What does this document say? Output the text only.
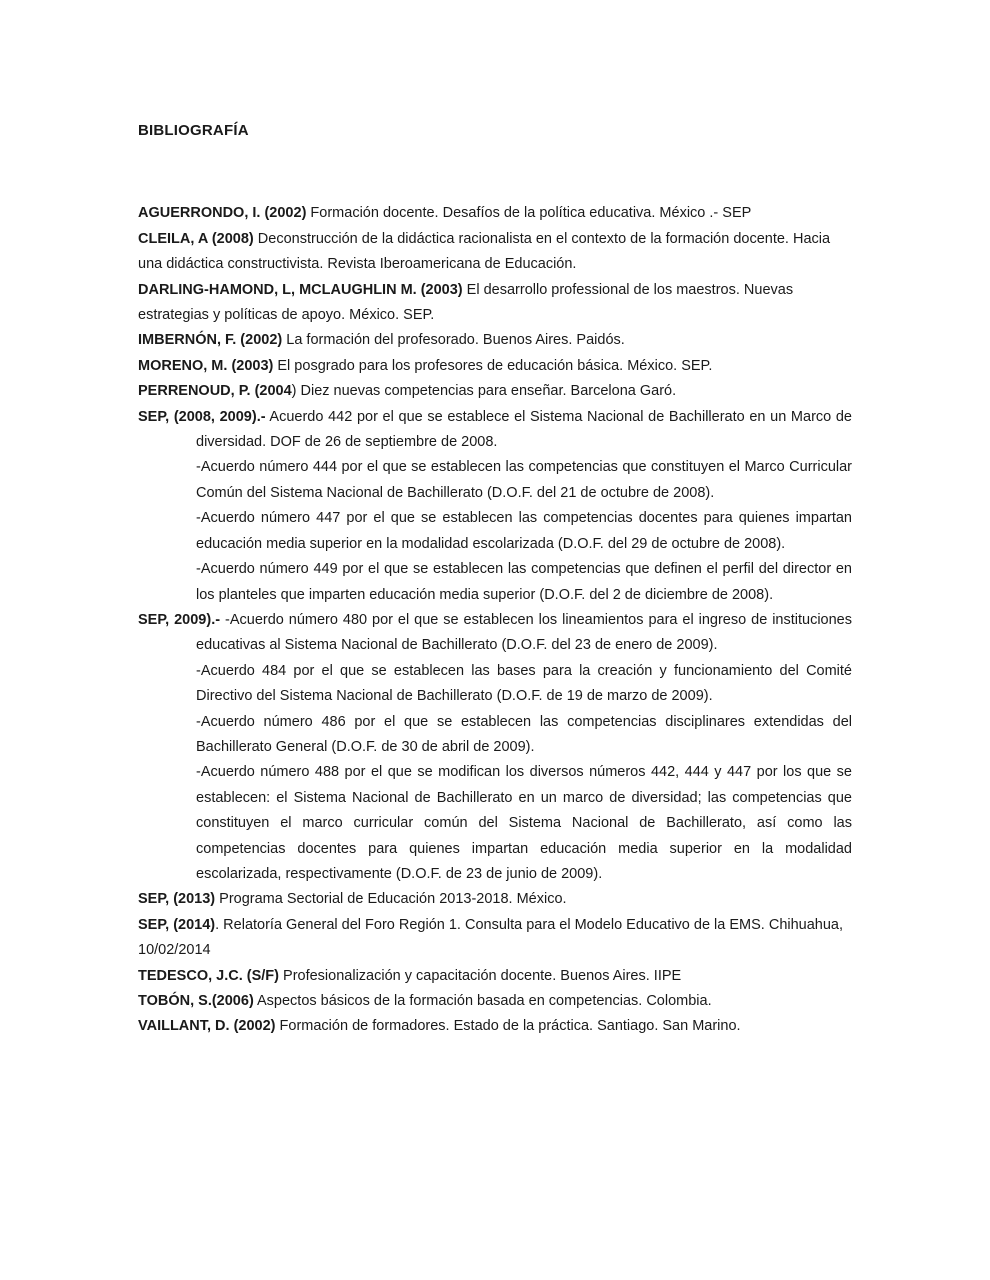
BIBLIOGRAFÍA

AGUERRONDO, I. (2002) Formación docente. Desafíos de la política educativa. México .- SEP

CLEILA, A (2008) Deconstrucción de la didáctica racionalista en el contexto de la formación docente. Hacia una didáctica constructivista. Revista Iberoamericana de Educación.

DARLING-HAMOND, L, MCLAUGHLIN M. (2003) El desarrollo professional de los maestros. Nuevas estrategias y políticas de apoyo. México. SEP.

IMBERNÓN, F. (2002) La formación del profesorado. Buenos Aires. Paidós.

MORENO, M. (2003) El posgrado para los profesores de educación básica. México. SEP.

PERRENOUD, P. (2004) Diez nuevas competencias para enseñar. Barcelona Garó.

SEP, (2008, 2009).- Acuerdo 442 por el que se establece el Sistema Nacional de Bachillerato en un Marco de diversidad. DOF de 26 de septiembre de 2008.

-Acuerdo número 444 por el que se establecen las competencias que constituyen el Marco Curricular Común del Sistema Nacional de Bachillerato (D.O.F. del 21 de octubre de 2008).

-Acuerdo número 447 por el que se establecen las competencias docentes para quienes impartan educación media superior en la modalidad escolarizada (D.O.F. del 29 de octubre de 2008).

-Acuerdo número 449 por el que se establecen las competencias que definen el perfil del director en los planteles que imparten educación media superior (D.O.F. del 2 de diciembre de 2008).

SEP, 2009).- -Acuerdo número 480 por el que se establecen los lineamientos para el ingreso de instituciones educativas al Sistema Nacional de Bachillerato (D.O.F. del 23 de enero de 2009).

-Acuerdo 484 por el que se establecen las bases para la creación y funcionamiento del Comité Directivo del Sistema Nacional de Bachillerato (D.O.F. de 19 de marzo de 2009).

-Acuerdo número 486 por el que se establecen las competencias disciplinares extendidas del Bachillerato General (D.O.F. de 30 de abril de 2009).

-Acuerdo número 488 por el que se modifican los diversos números 442, 444 y 447 por los que se establecen: el Sistema Nacional de Bachillerato en un marco de diversidad; las competencias que constituyen el marco curricular común del Sistema Nacional de Bachillerato, así como las competencias docentes para quienes impartan educación media superior en la modalidad escolarizada, respectivamente (D.O.F. de 23 de junio de 2009).

SEP, (2013) Programa Sectorial de Educación 2013-2018. México.

SEP, (2014). Relatoría General del Foro Región 1. Consulta para el Modelo Educativo de la EMS. Chihuahua, 10/02/2014

TEDESCO, J.C. (S/F) Profesionalización y capacitación docente. Buenos Aires. IIPE

TOBÓN, S.(2006) Aspectos básicos de la formación basada en competencias. Colombia.

VAILLANT, D. (2002) Formación de formadores. Estado de la práctica. Santiago. San Marino.
